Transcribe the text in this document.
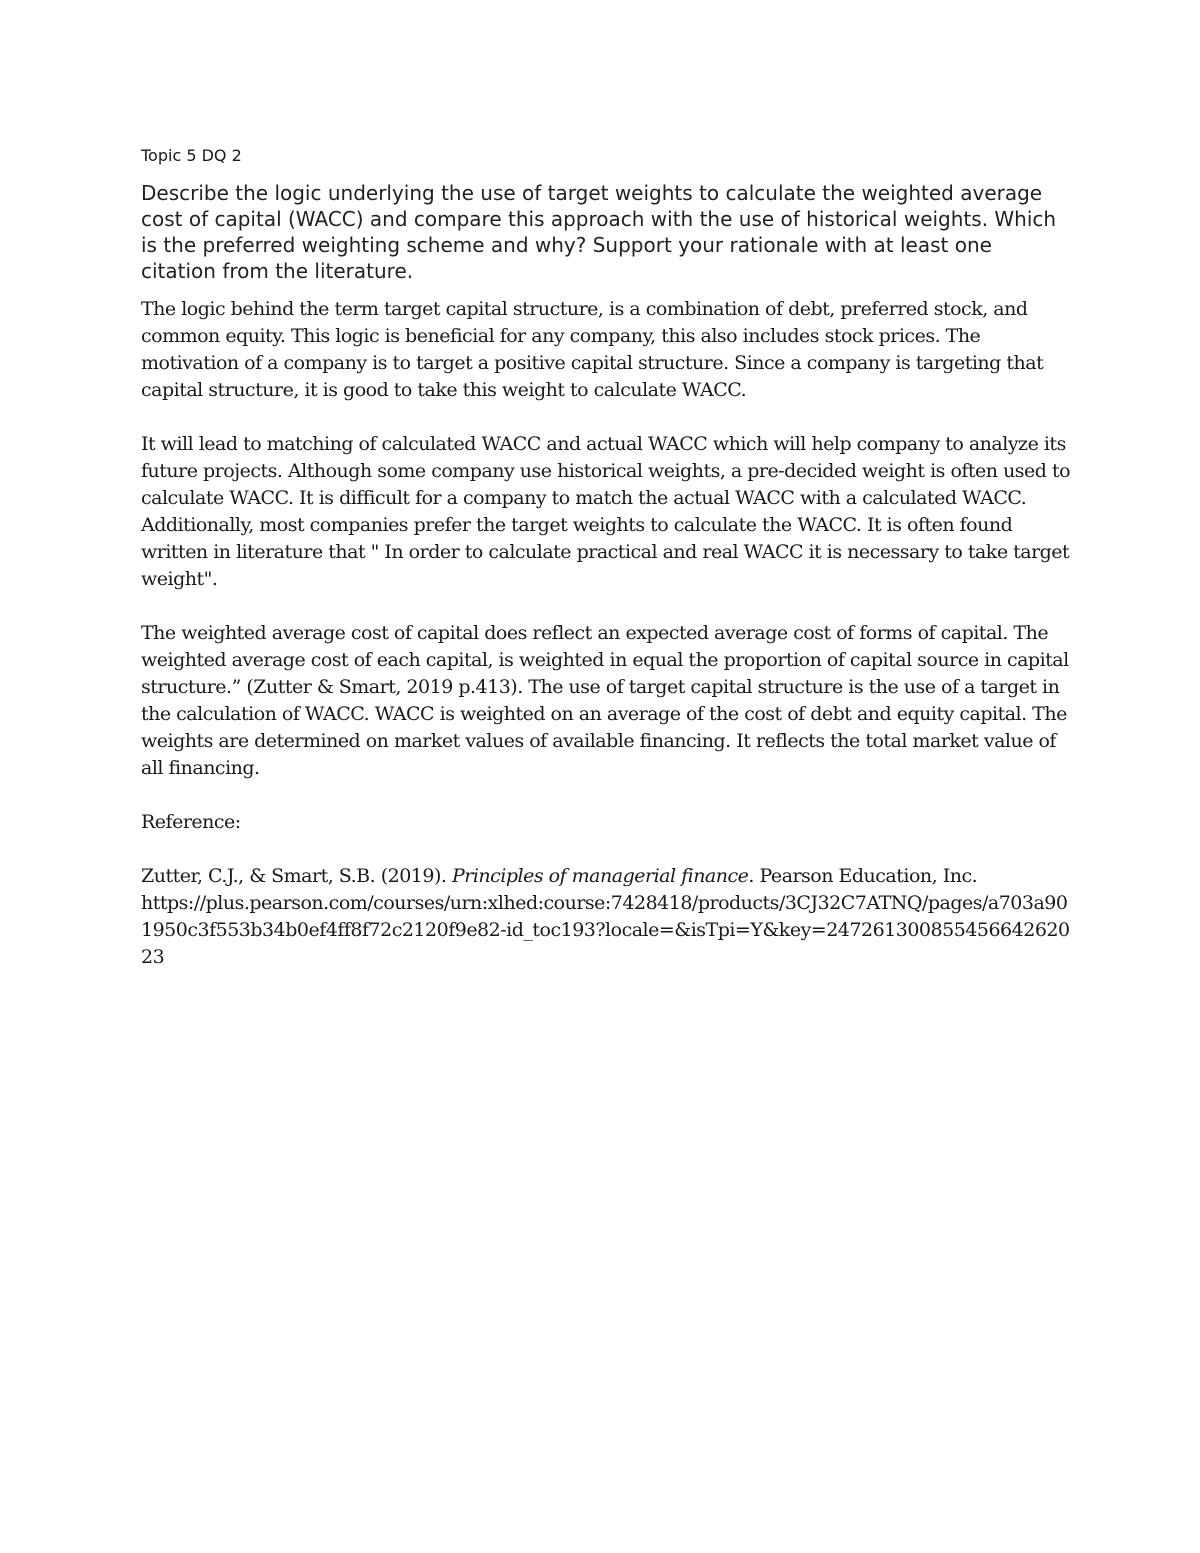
Topic 5 DQ 2
Describe the logic underlying the use of target weights to calculate the weighted average cost of capital (WACC) and compare this approach with the use of historical weights. Which is the preferred weighting scheme and why? Support your rationale with at least one citation from the literature.

The logic behind the term target capital structure, is a combination of debt, preferred stock, and common equity. This logic is beneficial for any company, this also includes stock prices. The motivation of a company is to target a positive capital structure. Since a company is targeting that capital structure, it is good to take this weight to calculate WACC.

It will lead to matching of calculated WACC and actual WACC which will help company to analyze its future projects. Although some company use historical weights, a pre-decided weight is often used to calculate WACC. It is difficult for a company to match the actual WACC with a calculated WACC. Additionally, most companies prefer the target weights to calculate the WACC. It is often found written in literature that " In order to calculate practical and real WACC it is necessary to take target weight".

The weighted average cost of capital does reflect an expected average cost of forms of capital. The weighted average cost of each capital, is weighted in equal the proportion of capital source in capital structure.” (Zutter & Smart, 2019 p.413). The use of target capital structure is the use of a target in the calculation of WACC. WACC is weighted on an average of the cost of debt and equity capital. The weights are determined on market values of available financing. It reflects the total market value of all financing.

Reference:

Zutter, C.J., & Smart, S.B. (2019). Principles of managerial finance. Pearson Education, Inc.
https://plus.pearson.com/courses/urn:xlhed:course:7428418/products/3CJ32C7ATNQ/pages/a703a901950c3f553b34b0ef4ff8f72c2120f9e82-id_toc193?locale=&isTpi=Y&key=247261300855456642620​23
